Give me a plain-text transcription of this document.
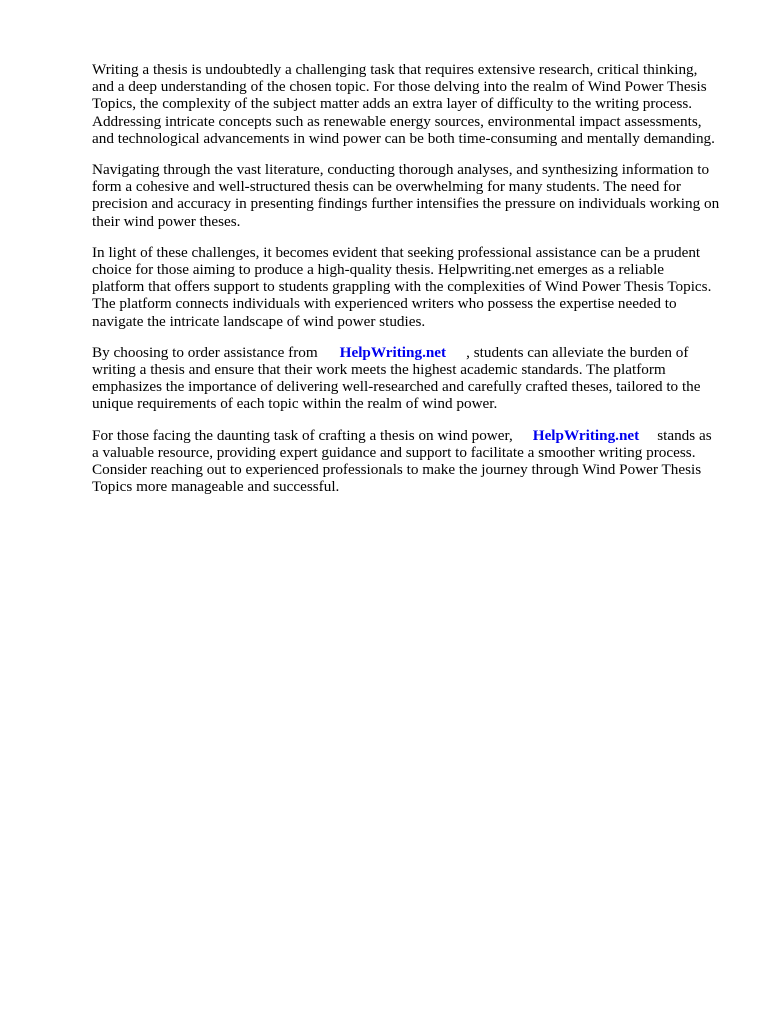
Writing a thesis is undoubtedly a challenging task that requires extensive research, critical thinking, and a deep understanding of the chosen topic. For those delving into the realm of Wind Power Thesis Topics, the complexity of the subject matter adds an extra layer of difficulty to the writing process. Addressing intricate concepts such as renewable energy sources, environmental impact assessments, and technological advancements in wind power can be both time-consuming and mentally demanding.

Navigating through the vast literature, conducting thorough analyses, and synthesizing information to form a cohesive and well-structured thesis can be overwhelming for many students. The need for precision and accuracy in presenting findings further intensifies the pressure on individuals working on their wind power theses.

In light of these challenges, it becomes evident that seeking professional assistance can be a prudent choice for those aiming to produce a high-quality thesis. Helpwriting.net emerges as a reliable platform that offers support to students grappling with the complexities of Wind Power Thesis Topics. The platform connects individuals with experienced writers who possess the expertise needed to navigate the intricate landscape of wind power studies.

By choosing to order assistance from HelpWriting.net , students can alleviate the burden of writing a thesis and ensure that their work meets the highest academic standards. The platform emphasizes the importance of delivering well-researched and carefully crafted theses, tailored to the unique requirements of each topic within the realm of wind power.

For those facing the daunting task of crafting a thesis on wind power, HelpWriting.net stands as a valuable resource, providing expert guidance and support to facilitate a smoother writing process. Consider reaching out to experienced professionals to make the journey through Wind Power Thesis Topics more manageable and successful.
